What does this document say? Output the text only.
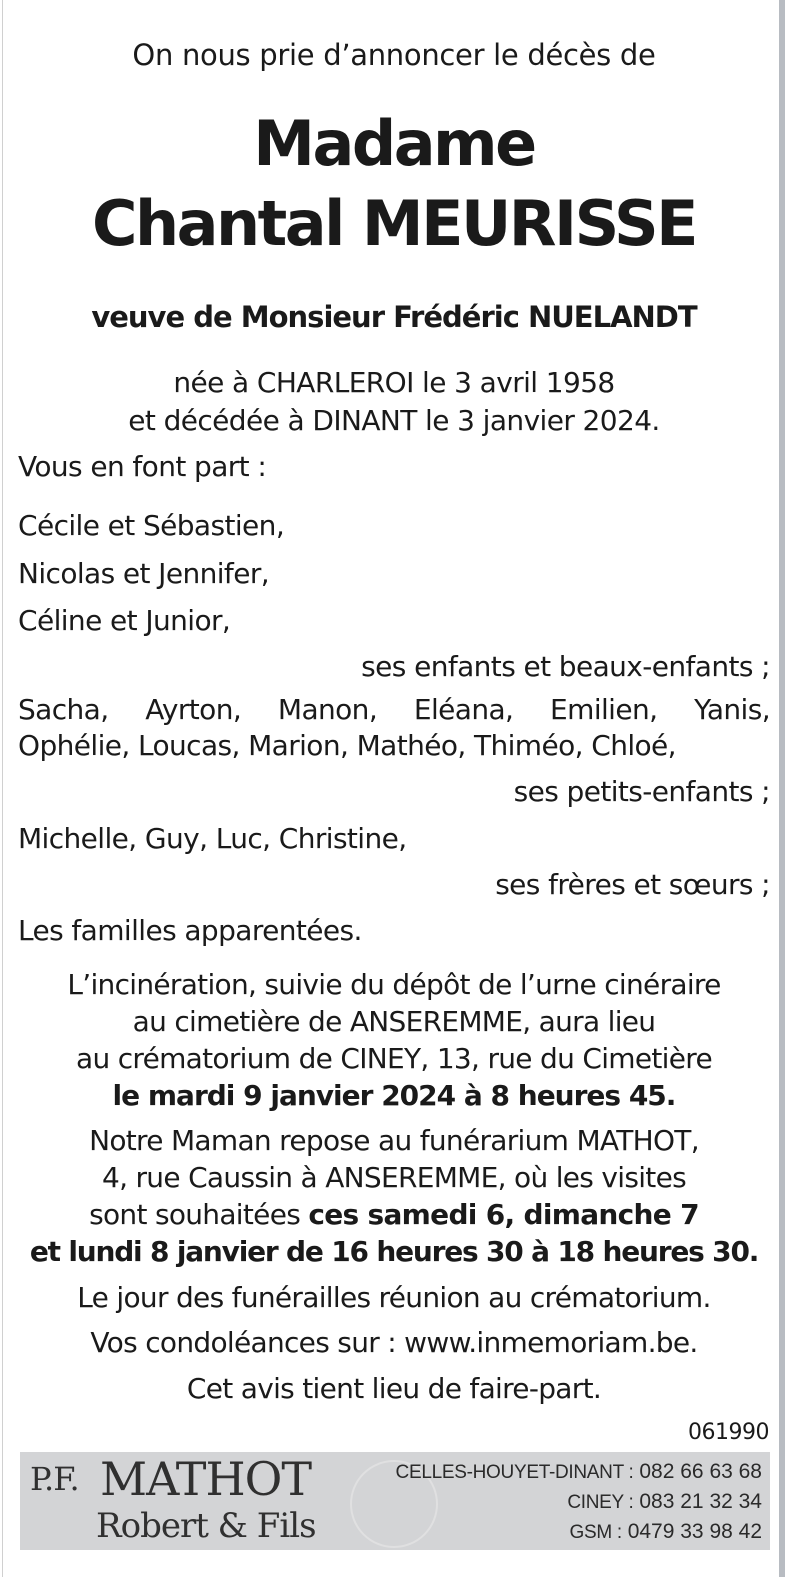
On nous prie d’annoncer le décès de
Madame
Chantal MEURISSE
veuve de Monsieur Frédéric NUELANDT
née à CHARLEROI le 3 avril 1958
et décédée à DINANT le 3 janvier 2024.
Vous en font part :
Cécile et Sébastien,
Nicolas et Jennifer,
Céline et Junior,
ses enfants et beaux-enfants ;
Sacha, Ayrton, Manon, Eléana, Emilien, Yanis,
Ophélie, Loucas, Marion, Mathéo, Thiméo, Chloé,
ses petits-enfants ;
Michelle, Guy, Luc, Christine,
ses frères et sœurs ;
Les familles apparentées.
L’incinération, suivie du dépôt de l’urne cinéraire
au cimetière de ANSEREMME, aura lieu
au crématorium de CINEY, 13, rue du Cimetière
le mardi 9 janvier 2024 à 8 heures 45.
Notre Maman repose au funérarium MATHOT,
4, rue Caussin à ANSEREMME, où les visites
sont souhaitées ces samedi 6, dimanche 7
et lundi 8 janvier de 16 heures 30 à 18 heures 30.
Le jour des funérailles réunion au crématorium.
Vos condoléances sur : www.inmemoriam.be.
Cet avis tient lieu de faire-part.
061990
P.F. MATHOT
Robert & Fils
CELLES-HOUYET-DINANT : 082 66 63 68
CINEY : 083 21 32 34
GSM : 0479 33 98 42
